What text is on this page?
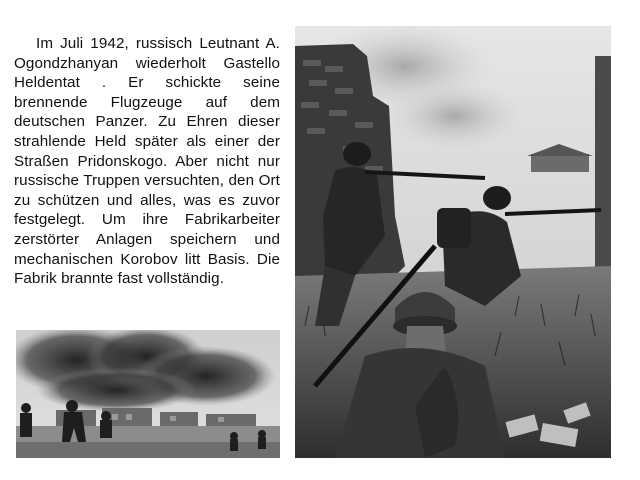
Im Juli 1942, russisch Leutnant A. Ogondzhanyan wiederholt Gastello Heldentat . Er schickte seine brennende Flugzeuge auf dem deutschen Panzer. Zu Ehren dieser strahlende Held später als einer der Straßen Pridonskogo. Aber nicht nur russische Truppen versuchten, den Ort zu schützen und alles, was es zuvor festgelegt. Um ihre Fabrikarbeiter zerstörter Anlagen speichern und mechanischen Korobov litt Basis. Die Fabrik brannte fast vollständig.
